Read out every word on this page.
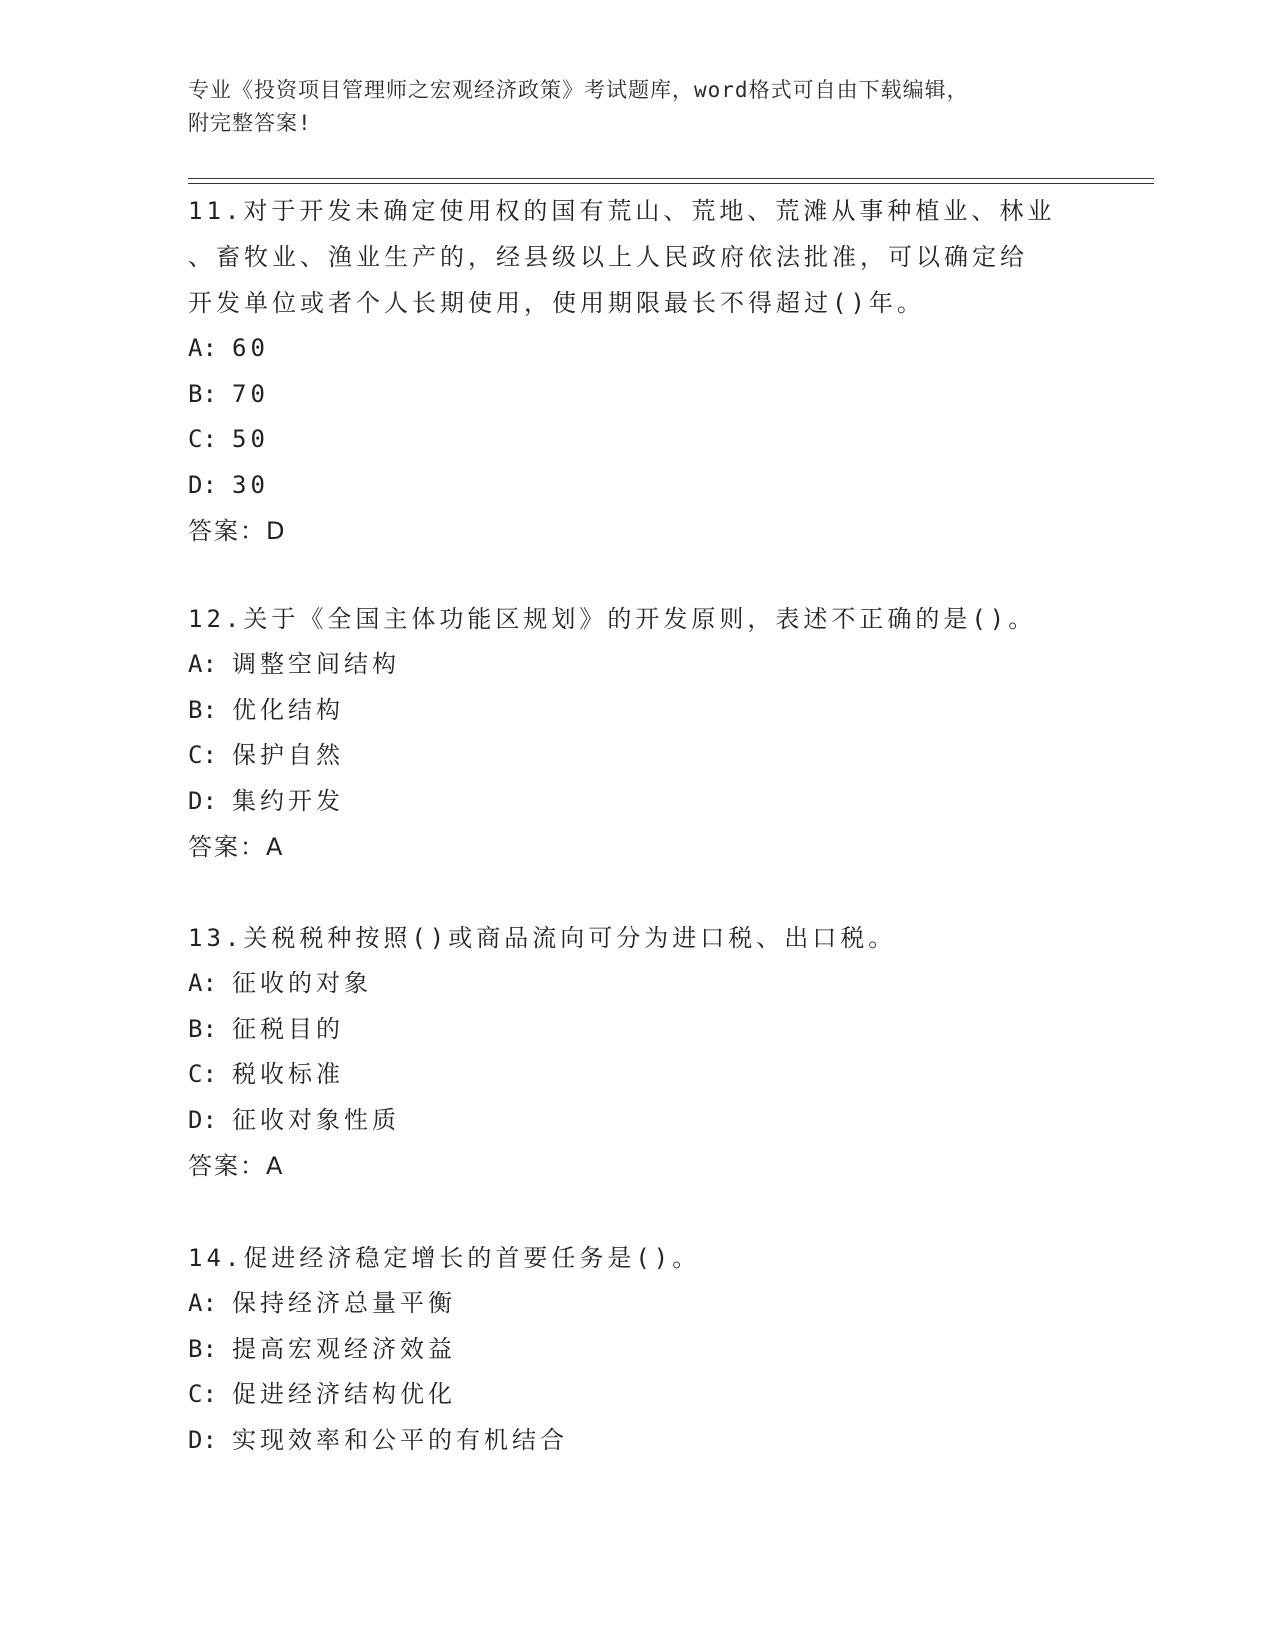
专业《投资项目管理师之宏观经济政策》考试题库，word格式可自由下载编辑，
附完整答案!
11.对于开发未确定使用权的国有荒山、荒地、荒滩从事种植业、林业
、畜牧业、渔业生产的，经县级以上人民政府依法批准，可以确定给
开发单位或者个人长期使用，使用期限最长不得超过()年。
A: 60
B: 70
C: 50
D: 30
答案：D
12.关于《全国主体功能区规划》的开发原则，表述不正确的是()。
A: 调整空间结构
B: 优化结构
C: 保护自然
D: 集约开发
答案：A
13.关税税种按照()或商品流向可分为进口税、出口税。
A: 征收的对象
B: 征税目的
C: 税收标准
D: 征收对象性质
答案：A
14.促进经济稳定增长的首要任务是()。
A: 保持经济总量平衡
B: 提高宏观经济效益
C: 促进经济结构优化
D: 实现效率和公平的有机结合
